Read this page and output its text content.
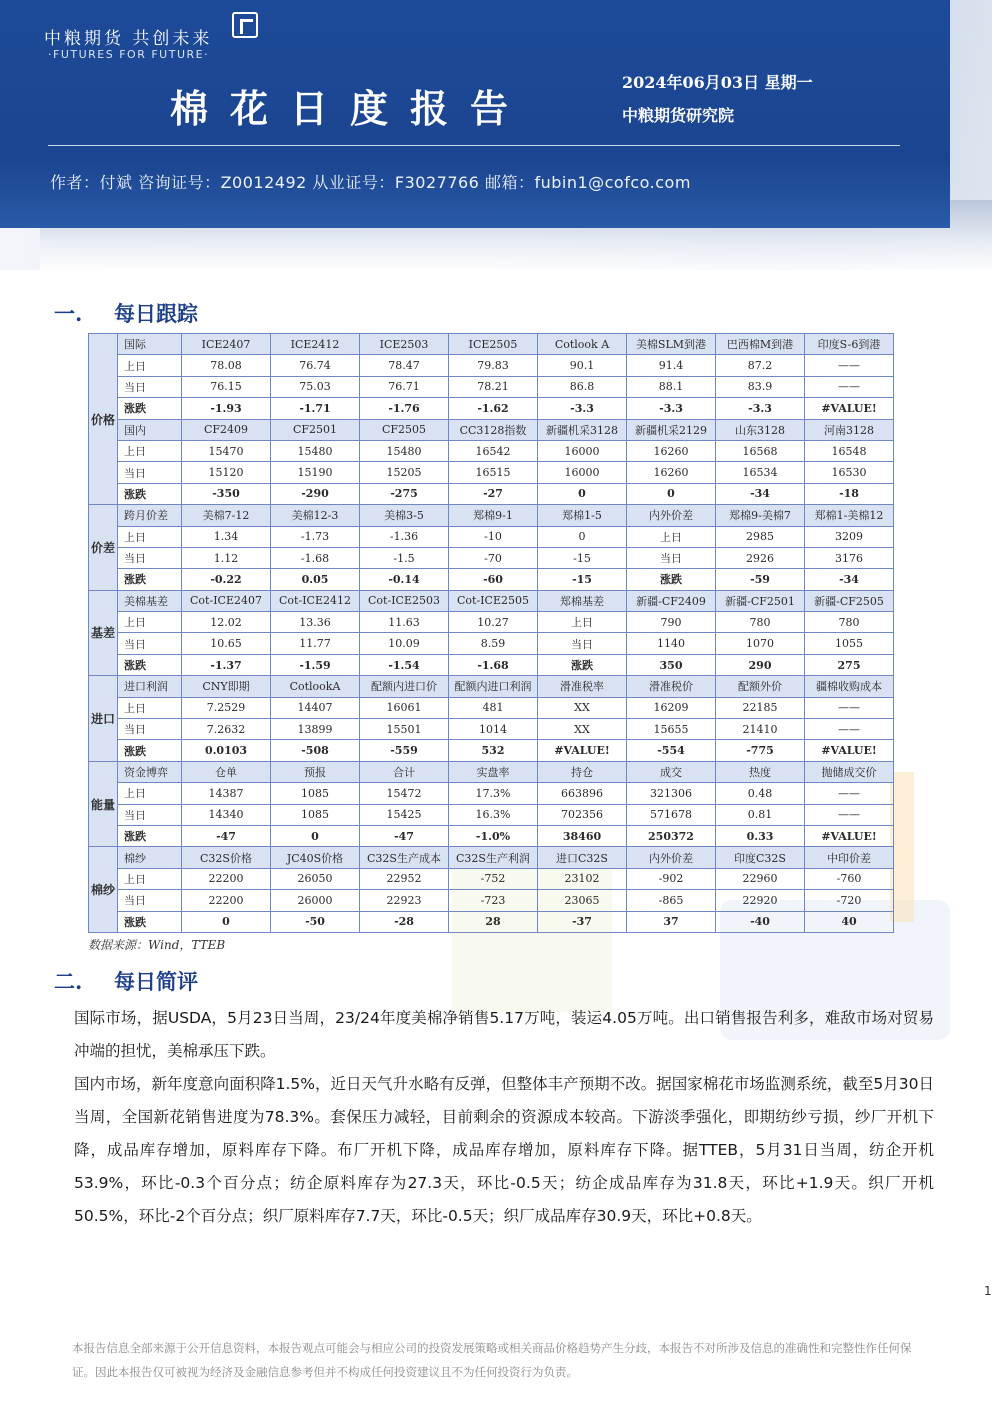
中粮期货 共创未来
·FUTURES FOR FUTURE·
棉花日度报告
2024年06月03日 星期一
中粮期货研究院
作者：付斌 咨询证号：Z0012492 从业证号：F3027766 邮箱：fubin1@cofco.com
一. 每日跟踪
价格	国际	ICE2407	ICE2412	ICE2503	ICE2505	Cotlook A	美棉SLM到港	巴西棉M到港	印度S-6到港
	上日	78.08	76.74	78.47	79.83	90.1	91.4	87.2	——
	当日	76.15	75.03	76.71	78.21	86.8	88.1	83.9	——
	涨跌	-1.93	-1.71	-1.76	-1.62	-3.3	-3.3	-3.3	#VALUE!
	国内	CF2409	CF2501	CF2505	CC3128指数	新疆机采3128	新疆机采2129	山东3128	河南3128
	上日	15470	15480	15480	16542	16000	16260	16568	16548
	当日	15120	15190	15205	16515	16000	16260	16534	16530
	涨跌	-350	-290	-275	-27	0	0	-34	-18
价差	跨月价差	美棉7-12	美棉12-3	美棉3-5	郑棉9-1	郑棉1-5	内外价差	郑棉9-美棉7	郑棉1-美棉12
	上日	1.34	-1.73	-1.36	-10	0	上日	2985	3209
	当日	1.12	-1.68	-1.5	-70	-15	当日	2926	3176
	涨跌	-0.22	0.05	-0.14	-60	-15	涨跌	-59	-34
基差	美棉基差	Cot-ICE2407	Cot-ICE2412	Cot-ICE2503	Cot-ICE2505	郑棉基差	新疆-CF2409	新疆-CF2501	新疆-CF2505
	上日	12.02	13.36	11.63	10.27	上日	790	780	780
	当日	10.65	11.77	10.09	8.59	当日	1140	1070	1055
	涨跌	-1.37	-1.59	-1.54	-1.68	涨跌	350	290	275
进口	进口利润	CNY即期	CotlookA	配额内进口价	配额内进口利润	滑准税率	滑准税价	配额外价	疆棉收购成本
	上日	7.2529	14407	16061	481	XX	16209	22185	——
	当日	7.2632	13899	15501	1014	XX	15655	21410	——
	涨跌	0.0103	-508	-559	532	#VALUE!	-554	-775	#VALUE!
能量	资金博弈	仓单	预报	合计	实盘率	持仓	成交	热度	抛储成交价
	上日	14387	1085	15472	17.3%	663896	321306	0.48	——
	当日	14340	1085	15425	16.3%	702356	571678	0.81	——
	涨跌	-47	0	-47	-1.0%	38460	250372	0.33	#VALUE!
棉纱	棉纱	C32S价格	JC40S价格	C32S生产成本	C32S生产利润	进口C32S	内外价差	印度C32S	中印价差
	上日	22200	26050	22952	-752	23102	-902	22960	-760
	当日	22200	26000	22923	-723	23065	-865	22920	-720
	涨跌	0	-50	-28	28	-37	37	-40	40
数据来源：Wind，TTEB
二. 每日简评
国际市场，据USDA，5月23日当周，23/24年度美棉净销售5.17万吨，装运4.05万吨。出口销售报告利多，难敌市场对贸易冲端的担忧，美棉承压下跌。
国内市场，新年度意向面积降1.5%，近日天气升水略有反弹，但整体丰产预期不改。据国家棉花市场监测系统，截至5月30日当周，全国新花销售进度为78.3%。套保压力减轻，目前剩余的资源成本较高。下游淡季强化，即期纺纱亏损，纱厂开机下降，成品库存增加，原料库存下降。布厂开机下降，成品库存增加，原料库存下降。据TTEB，5月31日当周，纺企开机53.9%，环比-0.3个百分点；纺企原料库存为27.3天，环比-0.5天；纺企成品库存为31.8天，环比+1.9天。织厂开机50.5%，环比-2个百分点；织厂原料库存7.7天，环比-0.5天；织厂成品库存30.9天，环比+0.8天。
1
本报告信息全部来源于公开信息资料，本报告观点可能会与相应公司的投资发展策略或相关商品价格趋势产生分歧，本报告不对所涉及信息的准确性和完整性作任何保证。因此本报告仅可被视为经济及金融信息参考但并不构成任何投资建议且不为任何投资行为负责。
